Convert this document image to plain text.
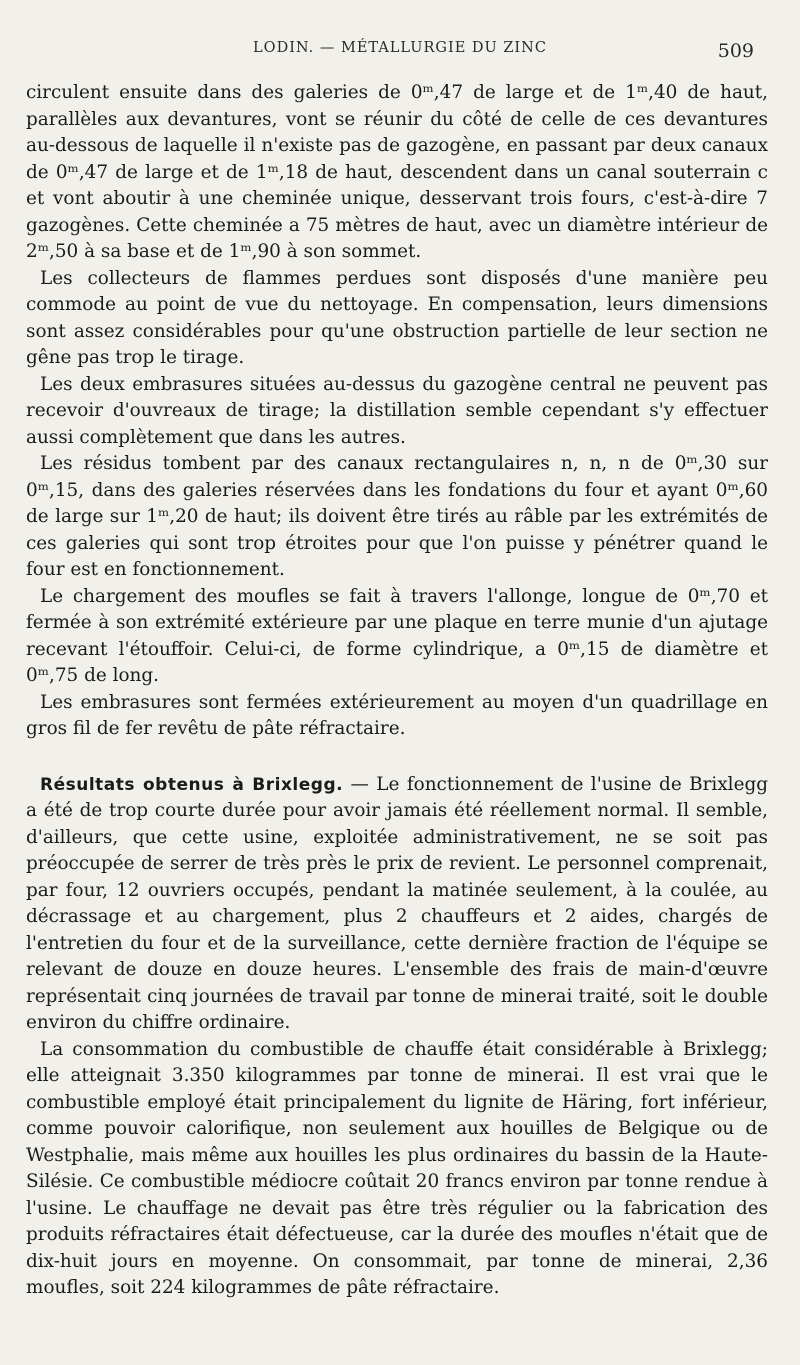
LODIN. — MÉTALLURGIE DU ZINC	509

circulent ensuite dans des galeries de 0ᵐ,47 de large et de 1ᵐ,40 de haut, parallèles aux devantures, vont se réunir du côté de celle de ces devantures au-dessous de laquelle il n'existe pas de gazogène, en passant par deux canaux de 0ᵐ,47 de large et de 1ᵐ,18 de haut, descendent dans un canal souterrain c et vont aboutir à une cheminée unique, desservant trois fours, c'est-à-dire 7 gazogènes. Cette cheminée a 75 mètres de haut, avec un diamètre intérieur de 2ᵐ,50 à sa base et de 1ᵐ,90 à son sommet.

Les collecteurs de flammes perdues sont disposés d'une manière peu commode au point de vue du nettoyage. En compensation, leurs dimensions sont assez considérables pour qu'une obstruction partielle de leur section ne gêne pas trop le tirage.

Les deux embrasures situées au-dessus du gazogène central ne peuvent pas recevoir d'ouvreaux de tirage; la distillation semble cependant s'y effectuer aussi complètement que dans les autres.

Les résidus tombent par des canaux rectangulaires n, n, n de 0ᵐ,30 sur 0ᵐ,15, dans des galeries réservées dans les fondations du four et ayant 0ᵐ,60 de large sur 1ᵐ,20 de haut; ils doivent être tirés au râble par les extrémités de ces galeries qui sont trop étroites pour que l'on puisse y pénétrer quand le four est en fonctionnement.

Le chargement des moufles se fait à travers l'allonge, longue de 0ᵐ,70 et fermée à son extrémité extérieure par une plaque en terre munie d'un ajutage recevant l'étouffoir. Celui-ci, de forme cylindrique, a 0ᵐ,15 de diamètre et 0ᵐ,75 de long.

Les embrasures sont fermées extérieurement au moyen d'un quadrillage en gros fil de fer revêtu de pâte réfractaire.

Résultats obtenus à Brixlegg. — Le fonctionnement de l'usine de Brixlegg a été de trop courte durée pour avoir jamais été réellement normal. Il semble, d'ailleurs, que cette usine, exploitée administrativement, ne se soit pas préoccupée de serrer de très près le prix de revient. Le personnel comprenait, par four, 12 ouvriers occupés, pendant la matinée seulement, à la coulée, au décrassage et au chargement, plus 2 chauffeurs et 2 aides, chargés de l'entretien du four et de la surveillance, cette dernière fraction de l'équipe se relevant de douze en douze heures. L'ensemble des frais de main-d'œuvre représentait cinq journées de travail par tonne de minerai traité, soit le double environ du chiffre ordinaire.

La consommation du combustible de chauffe était considérable à Brixlegg; elle atteignait 3.350 kilogrammes par tonne de minerai. Il est vrai que le combustible employé était principalement du lignite de Häring, fort inférieur, comme pouvoir calorifique, non seulement aux houilles de Belgique ou de Westphalie, mais même aux houilles les plus ordinaires du bassin de la Haute-Silésie. Ce combustible médiocre coûtait 20 francs environ par tonne rendue à l'usine. Le chauffage ne devait pas être très régulier ou la fabrication des produits réfractaires était défectueuse, car la durée des moufles n'était que de dix-huit jours en moyenne. On consommait, par tonne de minerai, 2,36 moufles, soit 224 kilogrammes de pâte réfractaire.
